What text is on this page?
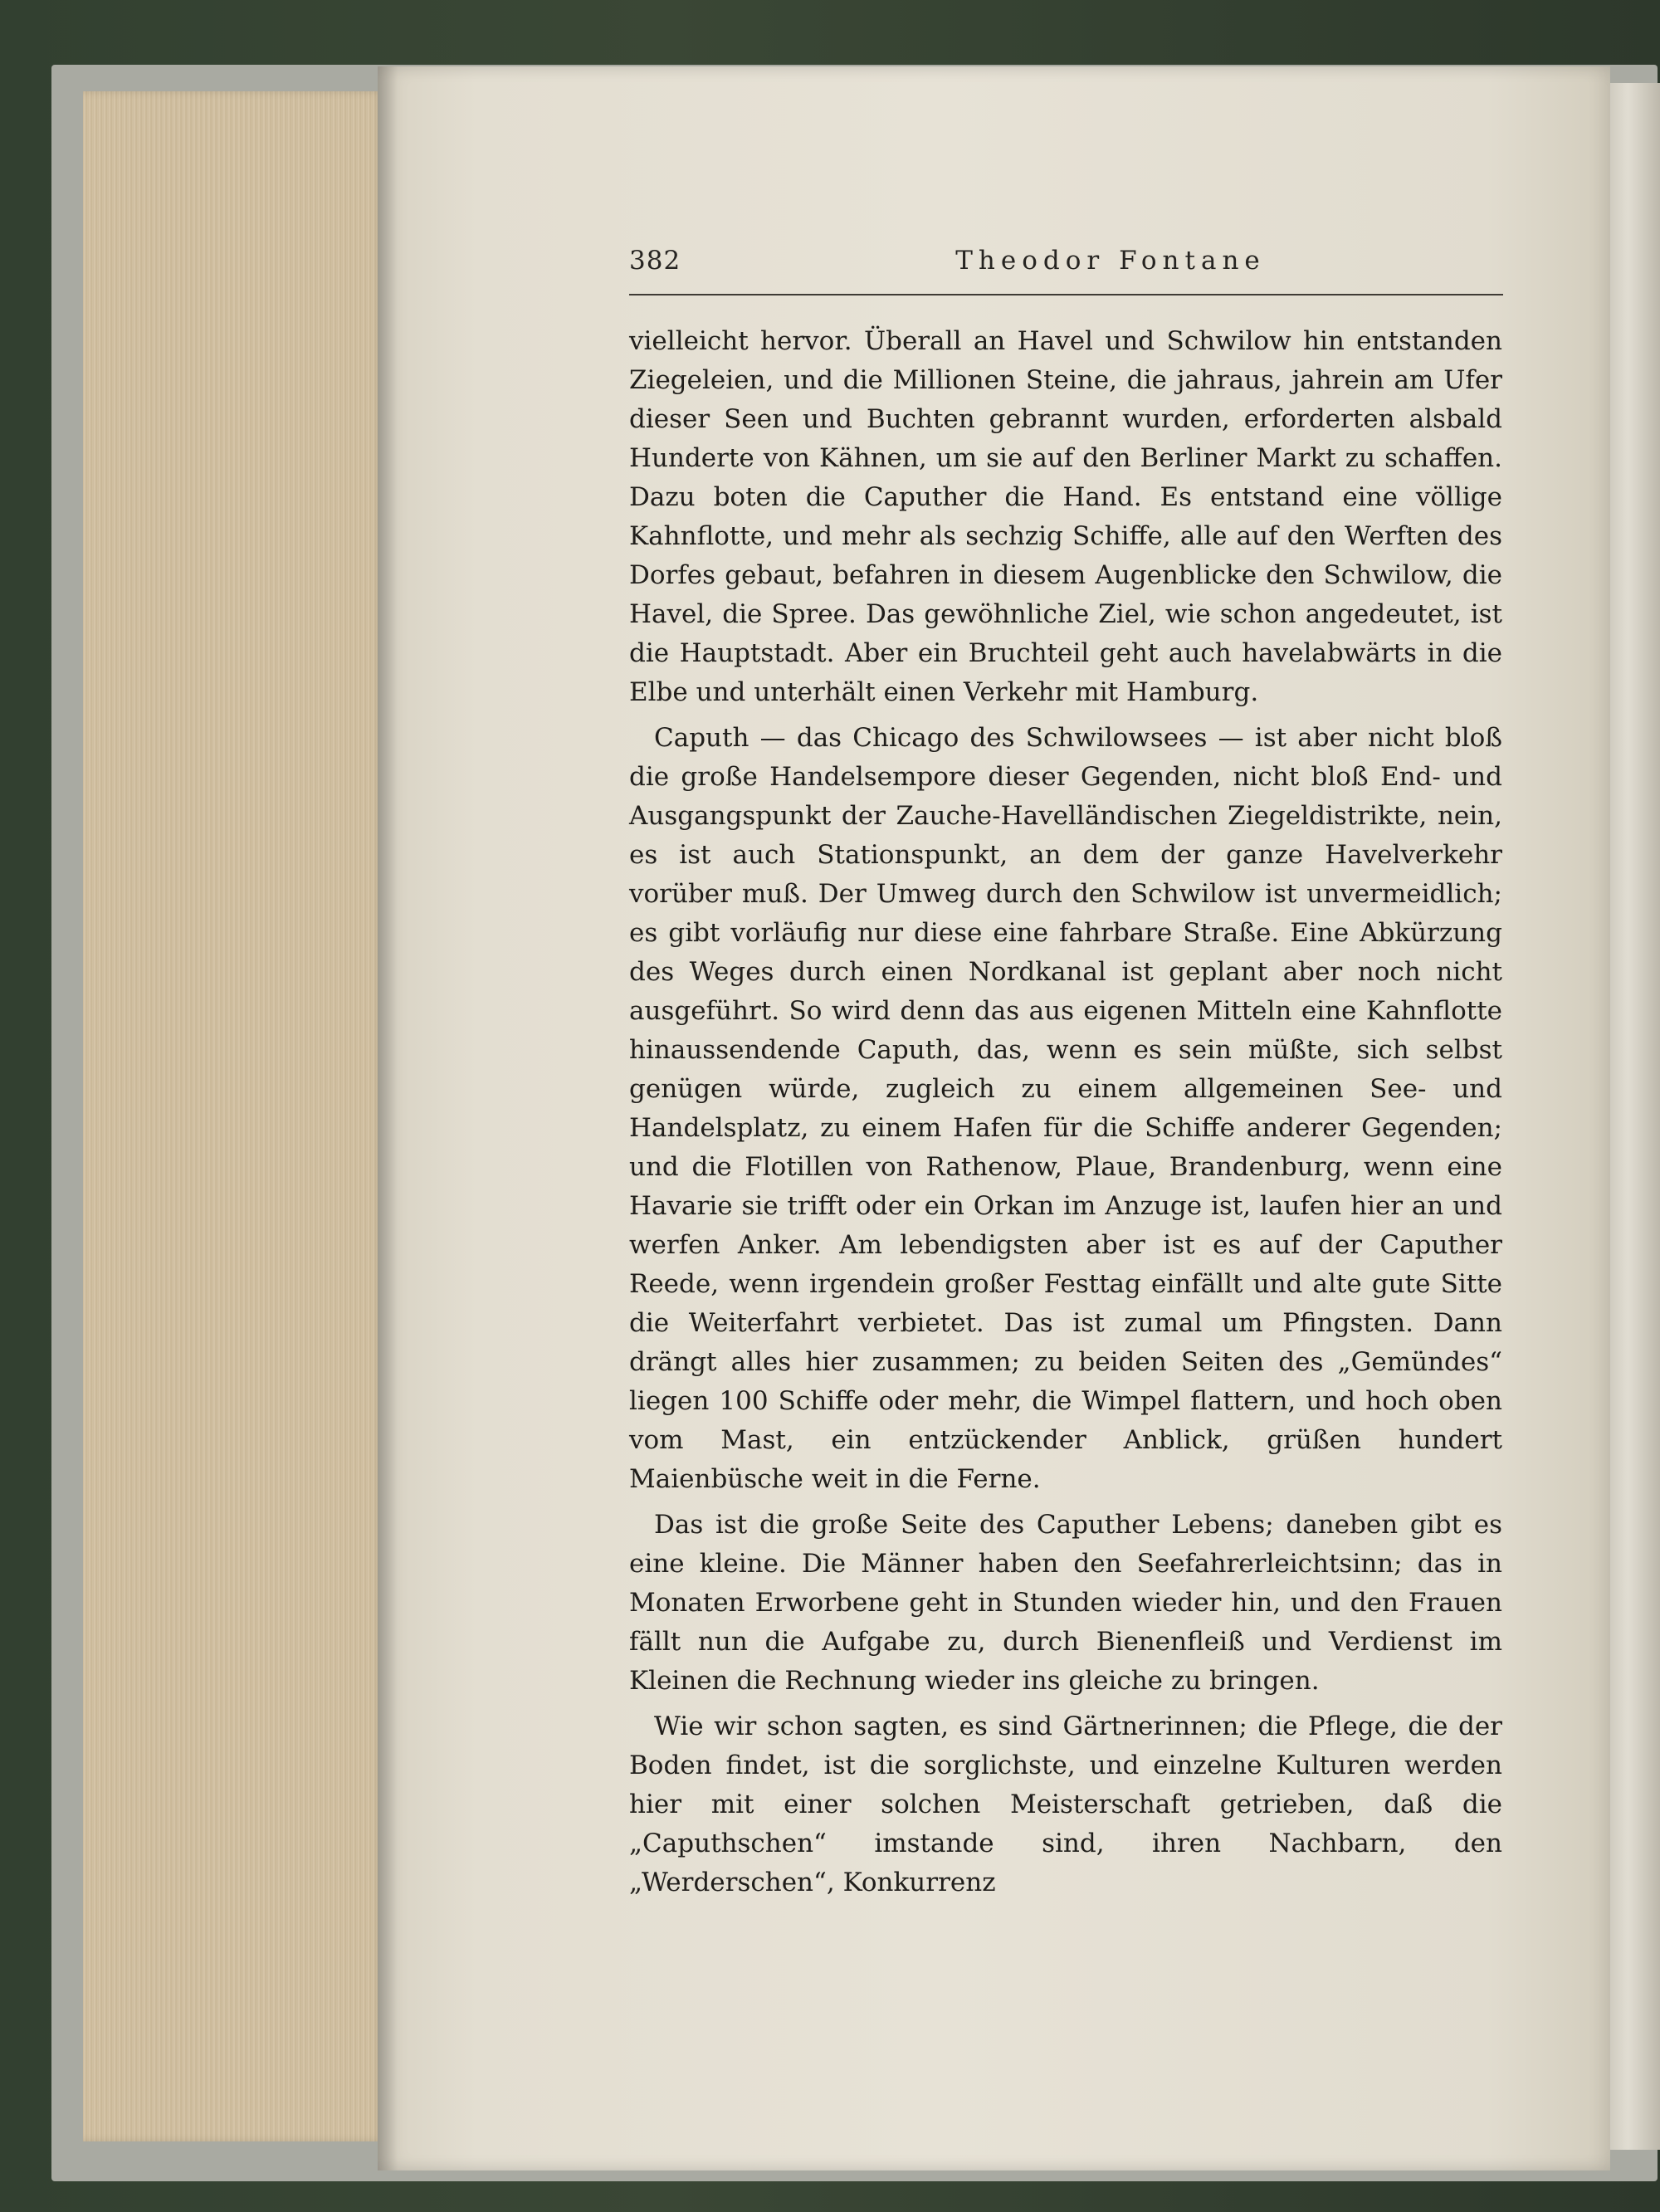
382	Theodor Fontane

vielleicht hervor. Überall an Havel und Schwilow hin entstanden Ziegeleien, und die Millionen Steine, die jahraus, jahrein am Ufer dieser Seen und Buchten gebrannt wurden, erforderten alsbald Hunderte von Kähnen, um sie auf den Berliner Markt zu schaffen. Dazu boten die Caputher die Hand. Es entstand eine völlige Kahnflotte, und mehr als sechzig Schiffe, alle auf den Werften des Dorfes gebaut, befahren in diesem Augenblicke den Schwilow, die Havel, die Spree. Das gewöhnliche Ziel, wie schon angedeutet, ist die Hauptstadt. Aber ein Bruchteil geht auch havelabwärts in die Elbe und unterhält einen Verkehr mit Hamburg.

Caputh — das Chicago des Schwilowsees — ist aber nicht bloß die große Handelsempore dieser Gegenden, nicht bloß End- und Ausgangspunkt der Zauche-Havelländischen Ziegeldistrikte, nein, es ist auch Stationspunkt, an dem der ganze Havelverkehr vorüber muß. Der Umweg durch den Schwilow ist unvermeidlich; es gibt vorläufig nur diese eine fahrbare Straße. Eine Abkürzung des Weges durch einen Nordkanal ist geplant aber noch nicht ausgeführt. So wird denn das aus eigenen Mitteln eine Kahnflotte hinaussendende Caputh, das, wenn es sein müßte, sich selbst genügen würde, zugleich zu einem allgemeinen See- und Handelsplatz, zu einem Hafen für die Schiffe anderer Gegenden; und die Flotillen von Rathenow, Plaue, Brandenburg, wenn eine Havarie sie trifft oder ein Orkan im Anzuge ist, laufen hier an und werfen Anker. Am lebendigsten aber ist es auf der Caputher Reede, wenn irgendein großer Festtag einfällt und alte gute Sitte die Weiterfahrt verbietet. Das ist zumal um Pfingsten. Dann drängt alles hier zusammen; zu beiden Seiten des „Gemündes“ liegen 100 Schiffe oder mehr, die Wimpel flattern, und hoch oben vom Mast, ein entzückender Anblick, grüßen hundert Maienbüsche weit in die Ferne.

Das ist die große Seite des Caputher Lebens; daneben gibt es eine kleine. Die Männer haben den Seefahrerleichtsinn; das in Monaten Erworbene geht in Stunden wieder hin, und den Frauen fällt nun die Aufgabe zu, durch Bienenfleiß und Verdienst im Kleinen die Rechnung wieder ins gleiche zu bringen.

Wie wir schon sagten, es sind Gärtnerinnen; die Pflege, die der Boden findet, ist die sorglichste, und einzelne Kulturen werden hier mit einer solchen Meisterschaft getrieben, daß die „Caputhschen“ imstande sind, ihren Nachbarn, den „Werderschen“, Konkurrenz
